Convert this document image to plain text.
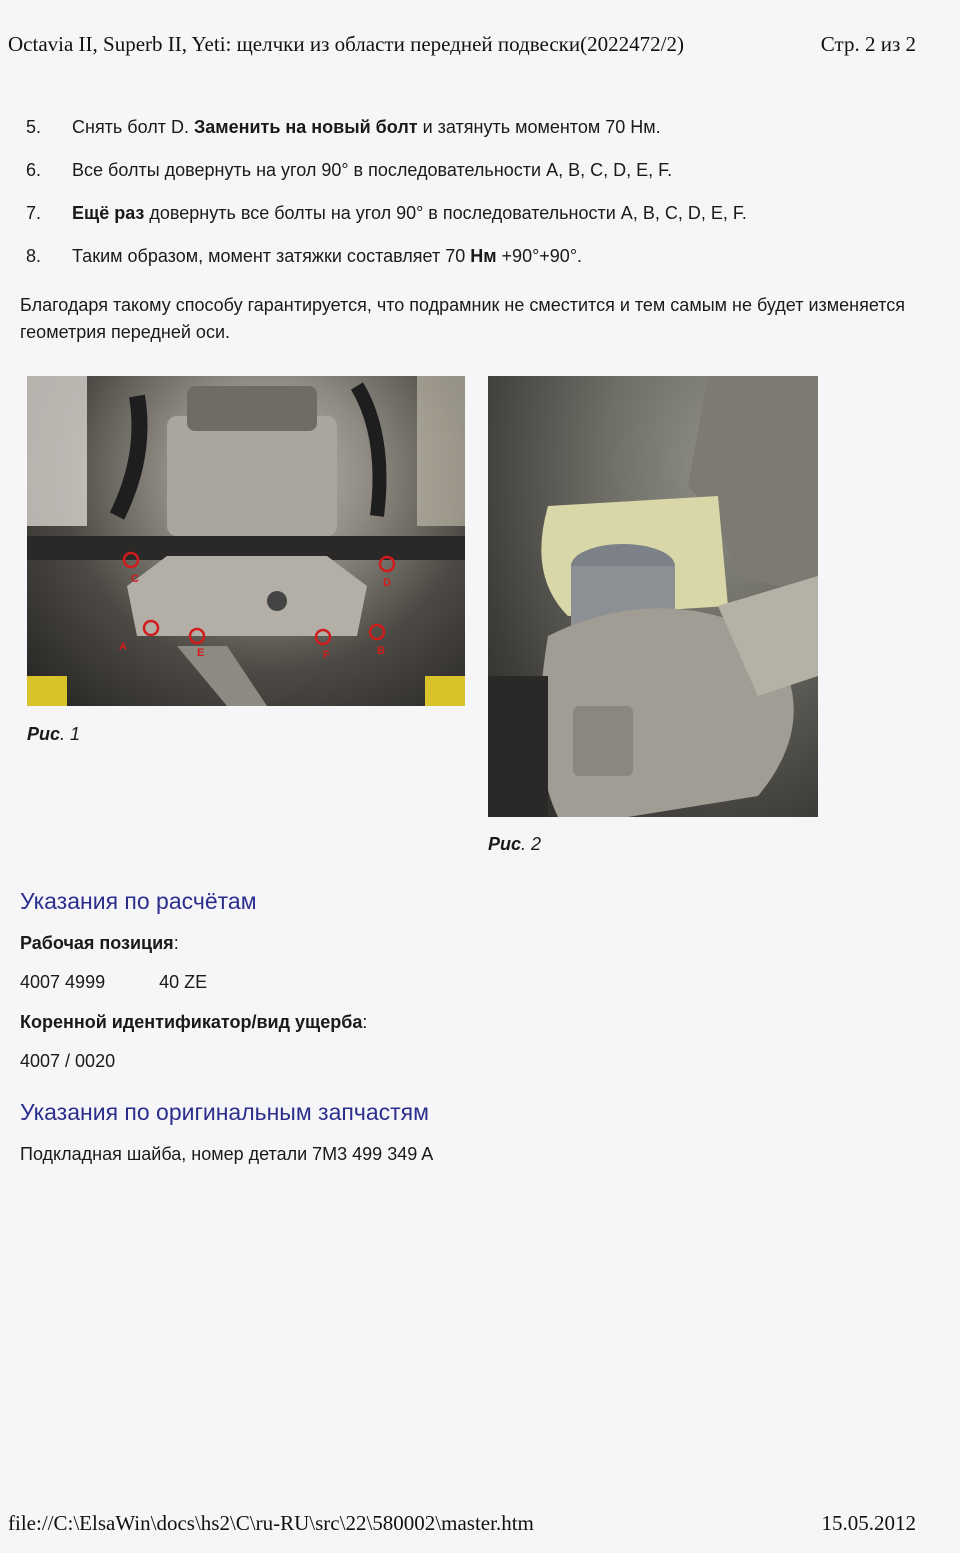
Octavia II, Superb II, Yeti: щелчки из области передней подвески(2022472/2)	Стр. 2 из 2
5.	Снять болт D. Заменить на новый болт и затянуть моментом 70 Нм.
6.	Все болты довернуть на угол 90° в последовательности A, B, C, D, E, F.
7.	Ещё раз довернуть все болты на угол 90° в последовательности A, B, C, D, E, F.
8.	Таким образом, момент затяжки составляет 70 Нм +90°+90°.

Благодаря такому способу гарантируется, что подрамник не сместится и тем самым не будет изменяется геометрия передней оси.

A	B
C	D
E	F
Рис. 1
Рис. 2
Указания по расчётам
Рабочая позиция:
4007 4999	40 ZE
Коренной идентификатор/вид ущерба:
4007 / 0020
Указания по оригинальным запчастям
Подкладная шайба, номер детали 7M3 499 349 A
file://C:\ElsaWin\docs\hs2\C\ru-RU\src\22\580002\master.htm	15.05.2012
